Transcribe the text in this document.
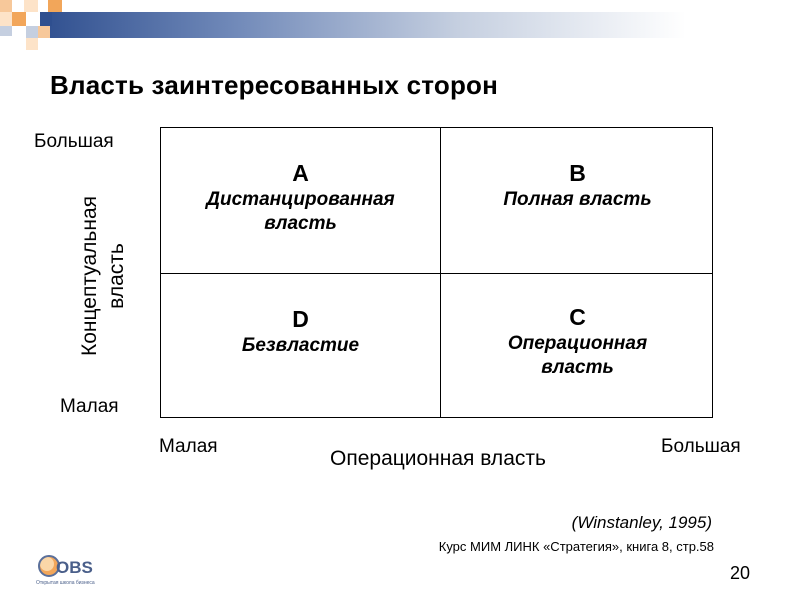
Власть заинтересованных сторон
Большая
Малая
Концептуальная власть
A
Дистанцированная
власть
B
Полная власть
D
Безвластие
C
Операционная
власть
Малая	Большая
Операционная власть
(Winstanley, 1995)
Курс МИМ ЛИНК «Стратегия», книга 8, стр.58
OBS
Открытая школа бизнеса	20
